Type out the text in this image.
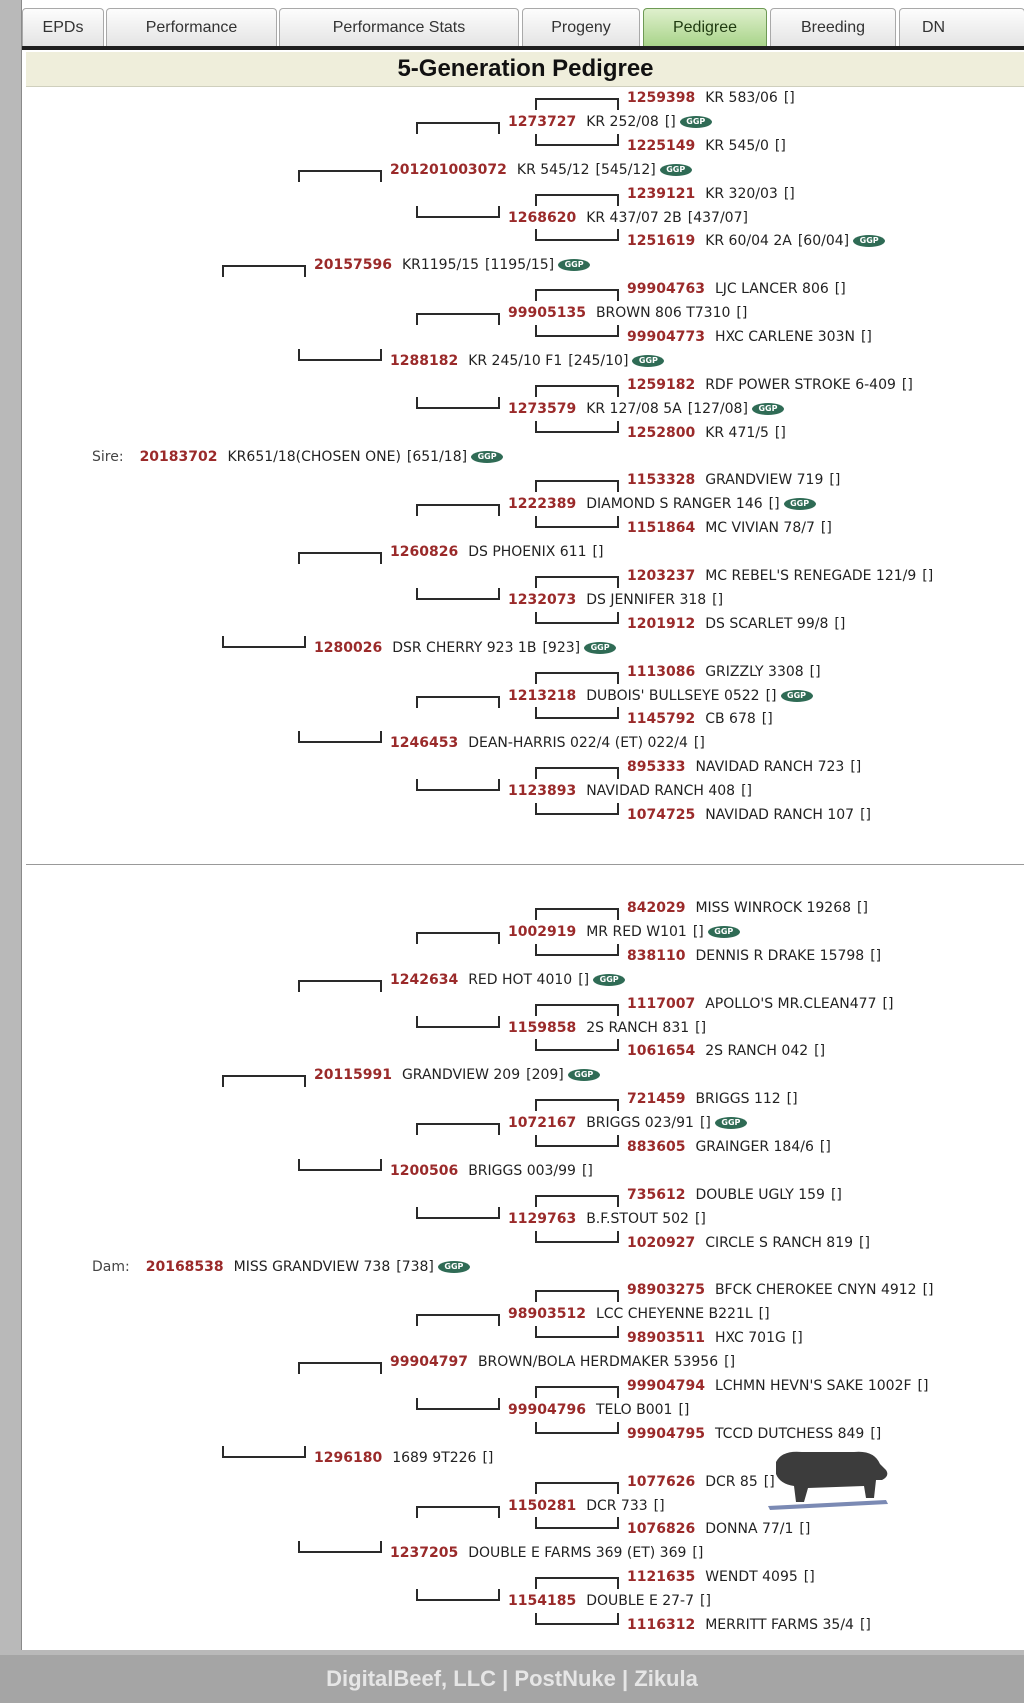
EPDs	Performance	Performance Stats	Progeny	Pedigree	Breeding	DN
5-Generation Pedigree
1259398 KR 583/06 []
1273727 KR 252/08 [] GGP
1225149 KR 545/0 []
201201003072 KR 545/12 [545/12] GGP
1239121 KR 320/03 []
1268620 KR 437/07 2B [437/07]
1251619 KR 60/04 2A [60/04] GGP
20157596 KR1195/15 [1195/15] GGP
99904763 LJC LANCER 806 []
99905135 BROWN 806 T7310 []
99904773 HXC CARLENE 303N []
1288182 KR 245/10 F1 [245/10] GGP
1259182 RDF POWER STROKE 6-409 []
1273579 KR 127/08 5A [127/08] GGP
1252800 KR 471/5 []
Sire: 20183702 KR651/18(CHOSEN ONE) [651/18] GGP
1153328 GRANDVIEW 719 []
1222389 DIAMOND S RANGER 146 [] GGP
1151864 MC VIVIAN 78/7 []
1260826 DS PHOENIX 611 []
1203237 MC REBEL'S RENEGADE 121/9 []
1232073 DS JENNIFER 318 []
1201912 DS SCARLET 99/8 []
1280026 DSR CHERRY 923 1B [923] GGP
1113086 GRIZZLY 3308 []
1213218 DUBOIS' BULLSEYE 0522 [] GGP
1145792 CB 678 []
1246453 DEAN-HARRIS 022/4 (ET) 022/4 []
895333 NAVIDAD RANCH 723 []
1123893 NAVIDAD RANCH 408 []
1074725 NAVIDAD RANCH 107 []
842029 MISS WINROCK 19268 []
1002919 MR RED W101 [] GGP
838110 DENNIS R DRAKE 15798 []
1242634 RED HOT 4010 [] GGP
1117007 APOLLO'S MR.CLEAN477 []
1159858 2S RANCH 831 []
1061654 2S RANCH 042 []
20115991 GRANDVIEW 209 [209] GGP
721459 BRIGGS 112 []
1072167 BRIGGS 023/91 [] GGP
883605 GRAINGER 184/6 []
1200506 BRIGGS 003/99 []
735612 DOUBLE UGLY 159 []
1129763 B.F.STOUT 502 []
1020927 CIRCLE S RANCH 819 []
Dam: 20168538 MISS GRANDVIEW 738 [738] GGP
98903275 BFCK CHEROKEE CNYN 4912 []
98903512 LCC CHEYENNE B221L []
98903511 HXC 701G []
99904797 BROWN/BOLA HERDMAKER 53956 []
99904794 LCHMN HEVN'S SAKE 1002F []
99904796 TELO B001 []
99904795 TCCD DUTCHESS 849 []
1296180 1689 9T226 []
1077626 DCR 85 []
1150281 DCR 733 []
1076826 DONNA 77/1 []
1237205 DOUBLE E FARMS 369 (ET) 369 []
1121635 WENDT 4095 []
1154185 DOUBLE E 27-7 []
1116312 MERRITT FARMS 35/4 []
DigitalBeef, LLC | PostNuke | Zikula
